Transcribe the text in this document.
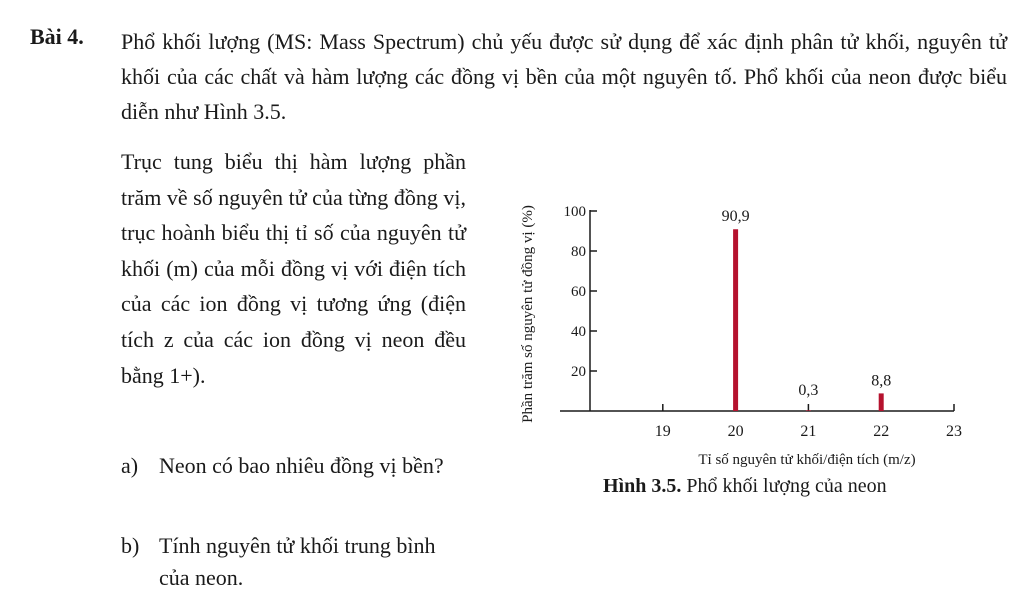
Bài 4. Phổ khối lượng (MS: Mass Spectrum) chủ yếu được sử dụng để xác định phân tử khối, nguyên tử khối của các chất và hàm lượng các đồng vị bền của một nguyên tố. Phổ khối của neon được biểu diễn như Hình 3.5.

Trục tung biểu thị hàm lượng phần trăm về số nguyên tử của từng đồng vị, trục hoành biểu thị tỉ số của nguyên tử khối (m) của mỗi đồng vị với điện tích của các ion đồng vị tương ứng (điện tích z của các ion đồng vị neon đều bằng 1+).

a) Neon có bao nhiêu đồng vị bền?
b) Tính nguyên tử khối trung bình của neon.
Phần trăm số nguyên tử đồng vị (%) 20
40
60
80
100
19	20	21	22	23
90,9
0,3
8,8
Tỉ số nguyên tử khối/điện tích (m/z)
Hình 3.5. Phổ khối lượng của neon
